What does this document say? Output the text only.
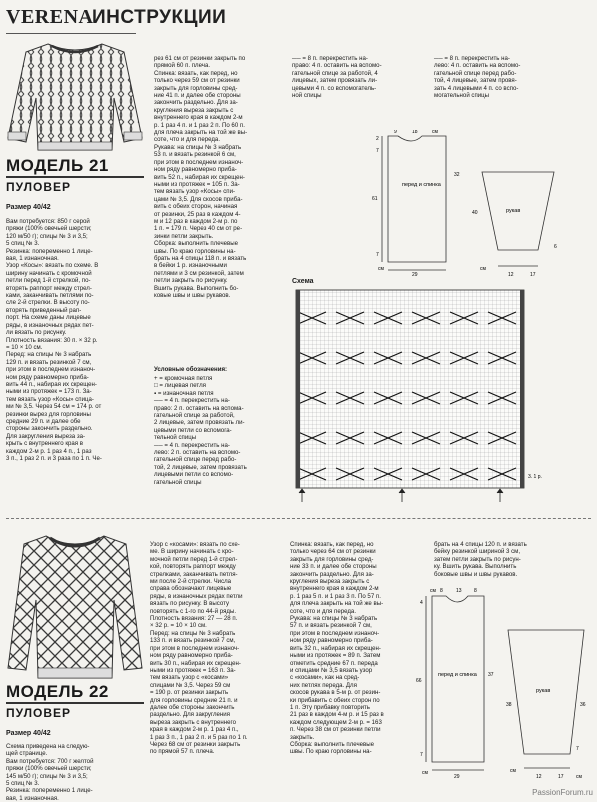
VERENA
ИНСТРУКЦИИ
МОДЕЛЬ 21
ПУЛОВЕР
Размер 40/42
Вам потребуется: 850 г серой
пряжи (100% овечьей шерсти;
120 м/50 г); спицы № 3 и 3,5;
5 спиц № 3.
Резинка: попеременно 1 лице-
вая, 1 изнаночная.
Узор «Косы»: вязать по схеме. В
ширину начинать с кромочной
петли перед 1-й стрелкой, по-
вторять раппорт между стрел-
ками, заканчивать петлями по-
сле 2-й стрелки. В высоту по-
вторять приведенный рап-
порт. На схеме даны лицевые
ряды, в изнаночных рядах пет-
ли вязать по рисунку.
Плотность вязания: 30 п. × 32 р.
= 10 × 10 см.
Перед: на спицы № 3 набрать
129 п. и вязать резинкой 7 см,
при этом в последнем изнаноч-
ном ряду равномерно прибa-
вить 44 п., набирая их скрещен-
ными из протяжек = 173 п. За-
тем вязать узор «Косы» спица-
ми № 3,5. Через 54 см = 174 р. от
резинки вырез для горловины
средние 29 п. и далее обе
стороны закончить раздельно.
Для закругления выреза за-
крыть с внутреннего края в
каждом 2-м р. 1 раз 4 п., 1 раз
3 п., 1 раз 2 п. и 3 раза по 1 п. Че-
рез 61 см от резинки закрыть по
прямой 60 п. плеча.
Спинка: вязать, как перед, но
только через 59 см от резинки
закрыть для горловины сред-
ние 41 п. и далее обе стороны
закончить раздельно. Для за-
кругления выреза закрыть с
внутреннего края в каждом 2-м
р. 1 раз 4 п. и 1 раз 2 п. По 60 п.
для плеча закрыть на той же вы-
соте, что и для переда.
Рукава: на спицы № 3 набрать
53 п. и вязать резинкой 6 см,
при этом в последнем изнаноч-
ном ряду равномерно прибa-
вить 52 п., набирая их скрещен-
ными из протяжек = 105 п. За-
тем вязать узор «Косы» спи-
цами № 3,5. Для скосов прибa-
вить с обеих сторон, начиная
от резинки, 25 раз в каждом 4-
м и 12 раз в каждом 2-м р. по
1 п. = 179 п. Через 40 см от ре-
зинки петли закрыть.
Сборка: выполнить плечевые
швы. По краю горловины на-
брать на 4 спицы 118 п. и вязать
в бейки 1 р. изнаночными
петлями и 3 см резинкой, затем
петли закрыть по рисунку.
Вшить рукава. Выполнить бо-
ковые швы и швы рукавов.
Условные обозначения:
+ = кромочная петля
□ = лицевая петля
▪ = изнаночная петля
── = 4 п. перекрестить на-
право: 2 п. оставить на вспома-
гательной спице за работой,
2 лицевые, затем провязать ли-
цевыми петли со вспомога-
тельной спицы
── = 4 п. перекрестить на-
лево: 2 п. оставить на вспомо-
гательной спице перед рабо-
той, 2 лицевые, затем провязать
лицевыми петли со вспомо-
гательной спицы
── = 8 п. перекрестить на-
право: 4 п. оставить на вспомо-
гательной спице за работой, 4
лицевых, затем провязать ли-
цевыми 4 п. со вспомогатель-
ной спицы
── = 8 п. перекрестить на-
лево: 4 п. оставить на вспомо-
гательной спице перед рабо-
той, 4 лицевые, затем провя-
зать 4 лицевыми 4 п. со вспо-
могательной спицы
9	18	см
2
7
61
7
32
40
6
перед и спинка
рукав
см
29
см
12	17
Схема
3. 1 р.
МОДЕЛЬ 22
ПУЛОВЕР
Размер 40/42
Схема приведена на следую-
щей странице.
Вам потребуется: 700 г желтой
пряжи (100% овечьей шерсти;
145 м/50 г); спицы № 3 и 3,5;
5 спиц № 3.
Резинка: попеременно 1 лице-
вая, 1 изнаночная.
Узор с «косами»: вязать по схе-
ме. В ширину начинать с кро-
мочной петли перед 1-й стрел-
кой, повторять раппорт между
стрелками, заканчивать петля-
ми после 2-й стрелки. Числа
справа обозначают лицевые
ряды, в изнаночных рядах петли
вязать по рисунку. В высоту
повторять с 1-го по 44-й ряды.
Плотность вязания: 27 — 28 п.
× 32 р. = 10 × 10 см.
Перед: на спицы № 3 набрать
133 п. и вязать резинкой 7 см,
при этом в последнем изнаноч-
ном ряду равномерно прибa-
вить 30 п., набирая их скрещен-
ными из протяжек = 163 п. За-
тем вязать узор с «косами»
спицами № 3,5. Через 59 см
= 190 р. от резинки закрыть
для горловины средние 21 п. и
далее обе стороны закончить
раздельно. Для закругления
выреза закрыть с внутреннего
края в каждом 2-м р. 1 раз 4 п.,
1 раз 3 п., 1 раз 2 п. и 5 раз по 1 п.
Через 68 см от резинки закрыть
по прямой 57 п. плеча.
Спинка: вязать, как перед, но
только через 64 см от резинки
закрыть для горловины сред-
ние 33 п. и далее обе стороны
закончить раздельно. Для за-
кругления выреза закрыть с
внутреннего края в каждом 2-м
р. 1 раз 5 п. и 1 раз 3 п. По 57 п.
для плеча закрыть на той же вы-
соте, что и для переда.
Рукава: на спицы № 3 набрать
57 п. и вязать резинкой 7 см,
при этом в последнем изнаноч-
ном ряду равномерно прибa-
вить 32 п., набирая их скрещен-
ными из протяжек = 89 п. Затем
отметить средние 67 п. переда
и спицами № 3,5 вязать узор
с «косами», как на сред-
них петлях переда. Для
скосов рукава в 5-м р. от резин-
ки прибавить с обеих сторон по
1 п. Эту прибавку повторить
21 раз в каждом 4-м р. и 15 раз в
каждом следующем 2-м р. = 163
п. Через 38 см от резинки петли
закрыть.
Сборка: выполнить плечевые
швы. По краю горловины на-
брать на 4 спицы 120 п. и вязать
бейку резинкой шириной 3 см,
затем петли закрыть по рисун-
ку. Вшить рукава. Выполнить
боковые швы и швы рукавов.
см 8	13 8
4
66
7
37
38	36
7
перед и спинка
рукав
см
29
см
12	17 см
PassionForum.ru
